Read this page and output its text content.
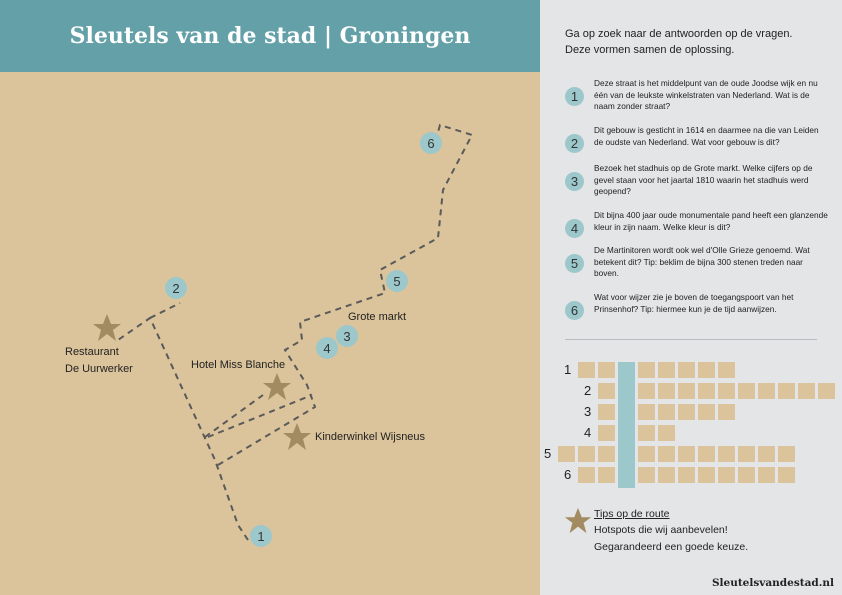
Sleutels van de stad | Groningen
1
2
3
4
5
6
Restaurant
De Uurwerker	Hotel Miss Blanche
Kinderwinkel Wijsneus
Grote markt
Ga op zoek naar de antwoorden op de vragen.
Deze vormen samen de oplossing.
1
Deze straat is het middelpunt van de oude Joodse wijk en nu één van de leukste winkelstraten van Nederland. Wat is de naam zonder straat?
2
Dit gebouw is gesticht in 1614 en daarmee na die van Leiden de oudste van Nederland. Wat voor gebouw is dit?
3
Bezoek het stadhuis op de Grote markt. Welke cijfers op de gevel staan voor het jaartal 1810 waarin het stadhuis werd geopend?
4
Dit bijna 400 jaar oude monumentale pand heeft een glanzende kleur in zijn naam. Welke kleur is dit?
5
De Martinitoren wordt ook wel d'Olle Grieze genoemd. Wat betekent dit? Tip: beklim de bijna 300 stenen treden naar boven.
6
Wat voor wijzer zie je boven de toegangspoort van het Prinsenhof? Tip: hiermee kun je de tijd aanwijzen.
1
2
3
4
5
6
Tips op de route
Hotspots die wij aanbevelen!
Gegarandeerd een goede keuze.
Sleutelsvandestad.nl
